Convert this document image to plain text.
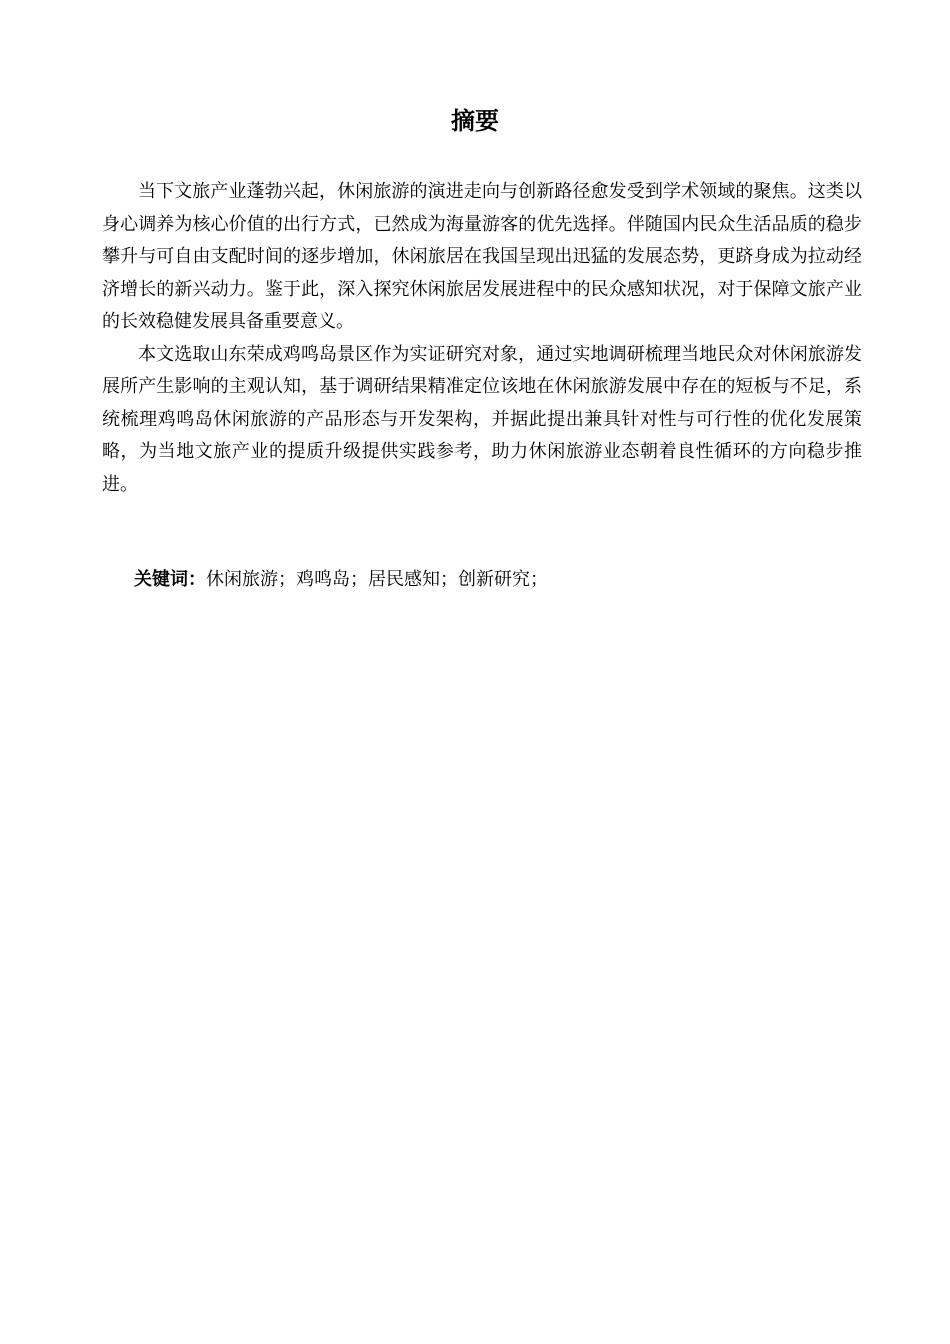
摘要

当下文旅产业蓬勃兴起，休闲旅游的演进走向与创新路径愈发受到学术领域的聚焦。这类以身心调养为核心价值的出行方式，已然成为海量游客的优先选择。伴随国内民众生活品质的稳步攀升与可自由支配时间的逐步增加，休闲旅居在我国呈现出迅猛的发展态势，更跻身成为拉动经济增长的新兴动力。鉴于此，深入探究休闲旅居发展进程中的民众感知状况，对于保障文旅产业的长效稳健发展具备重要意义。

本文选取山东荣成鸡鸣岛景区作为实证研究对象，通过实地调研梳理当地民众对休闲旅游发展所产生影响的主观认知，基于调研结果精准定位该地在休闲旅游发展中存在的短板与不足，系统梳理鸡鸣岛休闲旅游的产品形态与开发架构，并据此提出兼具针对性与可行性的优化发展策略，为当地文旅产业的提质升级提供实践参考，助力休闲旅游业态朝着良性循环的方向稳步推进。

关键词：休闲旅游；鸡鸣岛；居民感知；创新研究；
